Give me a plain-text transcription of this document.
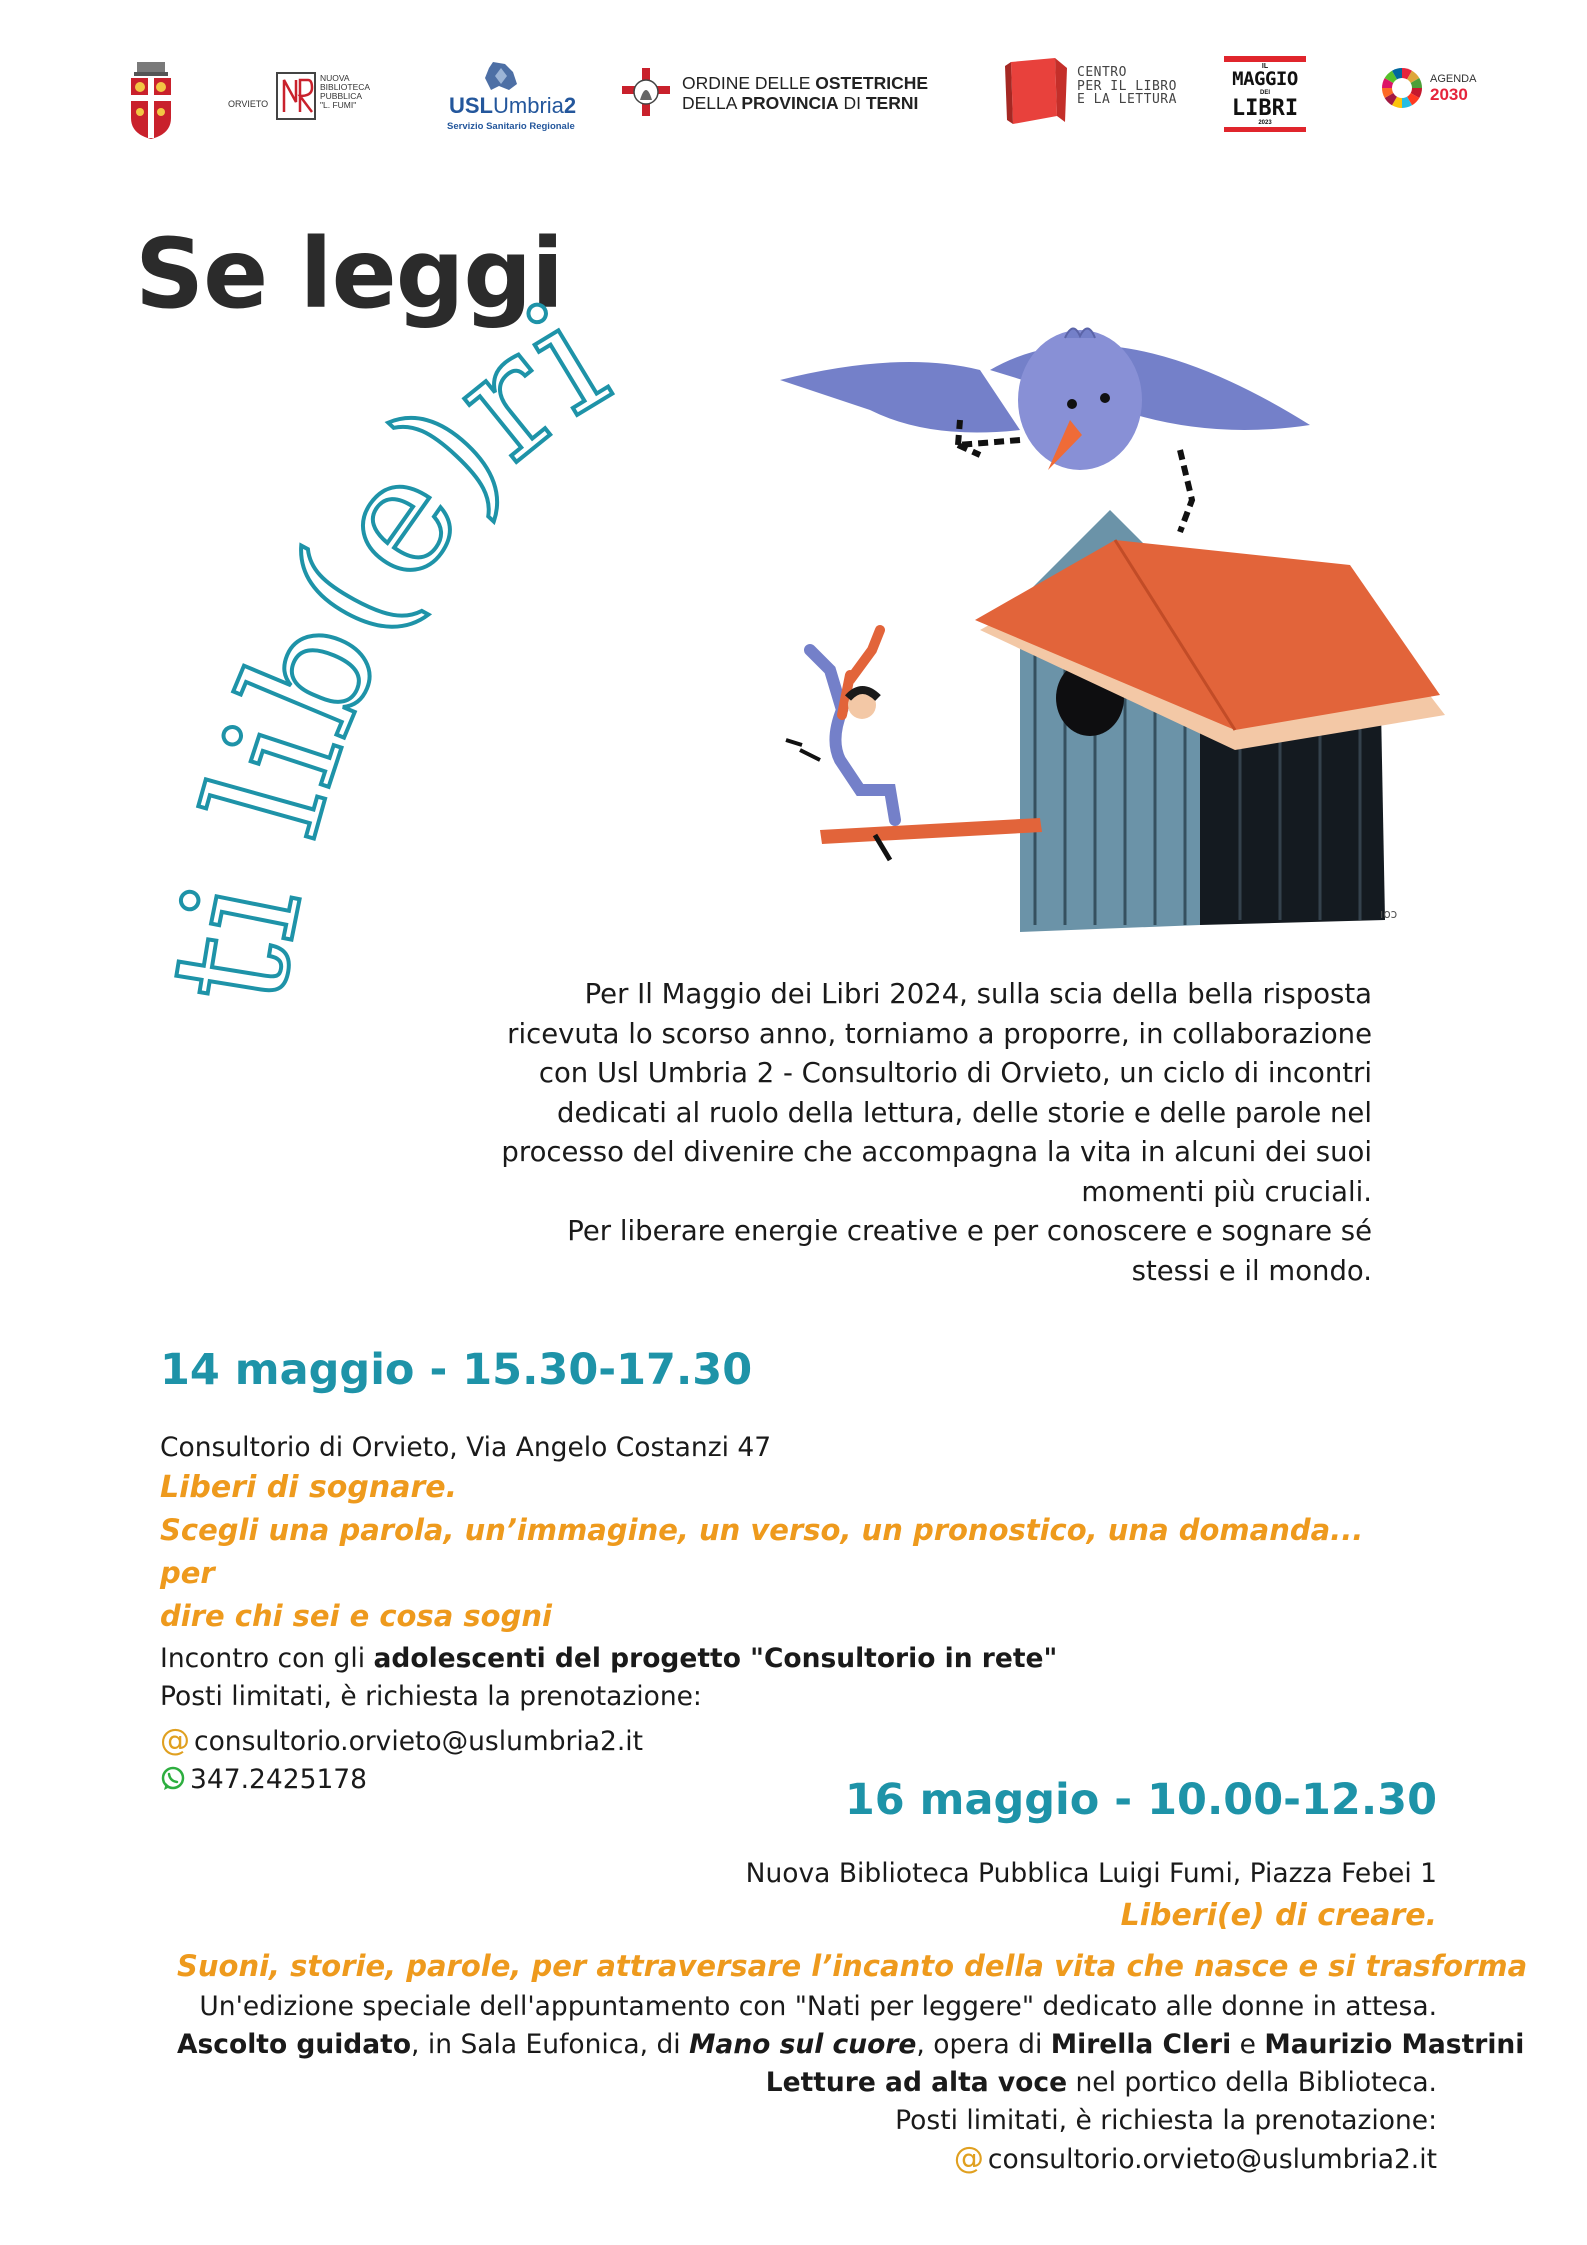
ORVIETO
NUOVA
BIBLIOTECA
PUBBLICA
"L. FUMI"	USLUmbria2
Servizio Sanitario Regionale
ORDINE DELLE OSTETRICHE
DELLA PROVINCIA DI TERNI
CENTRO
PER IL LIBRO
E LA LETTURA
IL
MAGGIO
DEI
LIBRI
2023
AGENDA
2030
Se leggi
ti lib(e)ri
ıoɔ

Per Il Maggio dei Libri 2024, sulla scia della bella risposta ricevuta lo scorso anno, torniamo a proporre, in collaborazione con Usl Umbria 2 - Consultorio di Orvieto, un ciclo di incontri dedicati al ruolo della lettura, delle storie e delle parole nel processo del divenire che accompagna la vita in alcuni dei suoi momenti più cruciali.

Per liberare energie creative e per conoscere e sognare sé stessi e il mondo.

14 maggio - 15.30-17.30
Consultorio di Orvieto, Via Angelo Costanzi 47
Liberi di sognare.
Scegli una parola, un’immagine, un verso, un pronostico, una domanda... per
dire chi sei e cosa sogni
Incontro con gli adolescenti del progetto "Consultorio in rete"
Posti limitati, è richiesta la prenotazione:
@ consultorio.orvieto@uslumbria2.it
347.2425178	16 maggio - 10.00-12.30
Nuova Biblioteca Pubblica Luigi Fumi, Piazza Febei 1
Liberi(e) di creare.
Suoni, storie, parole, per attraversare l’incanto della vita che nasce e si trasforma
Un'edizione speciale dell'appuntamento con "Nati per leggere" dedicato alle donne in attesa.
Ascolto guidato, in Sala Eufonica, di Mano sul cuore, opera di Mirella Cleri e Maurizio Mastrini
Letture ad alta voce nel portico della Biblioteca.
Posti limitati, è richiesta la prenotazione:
@ consultorio.orvieto@uslumbria2.it
